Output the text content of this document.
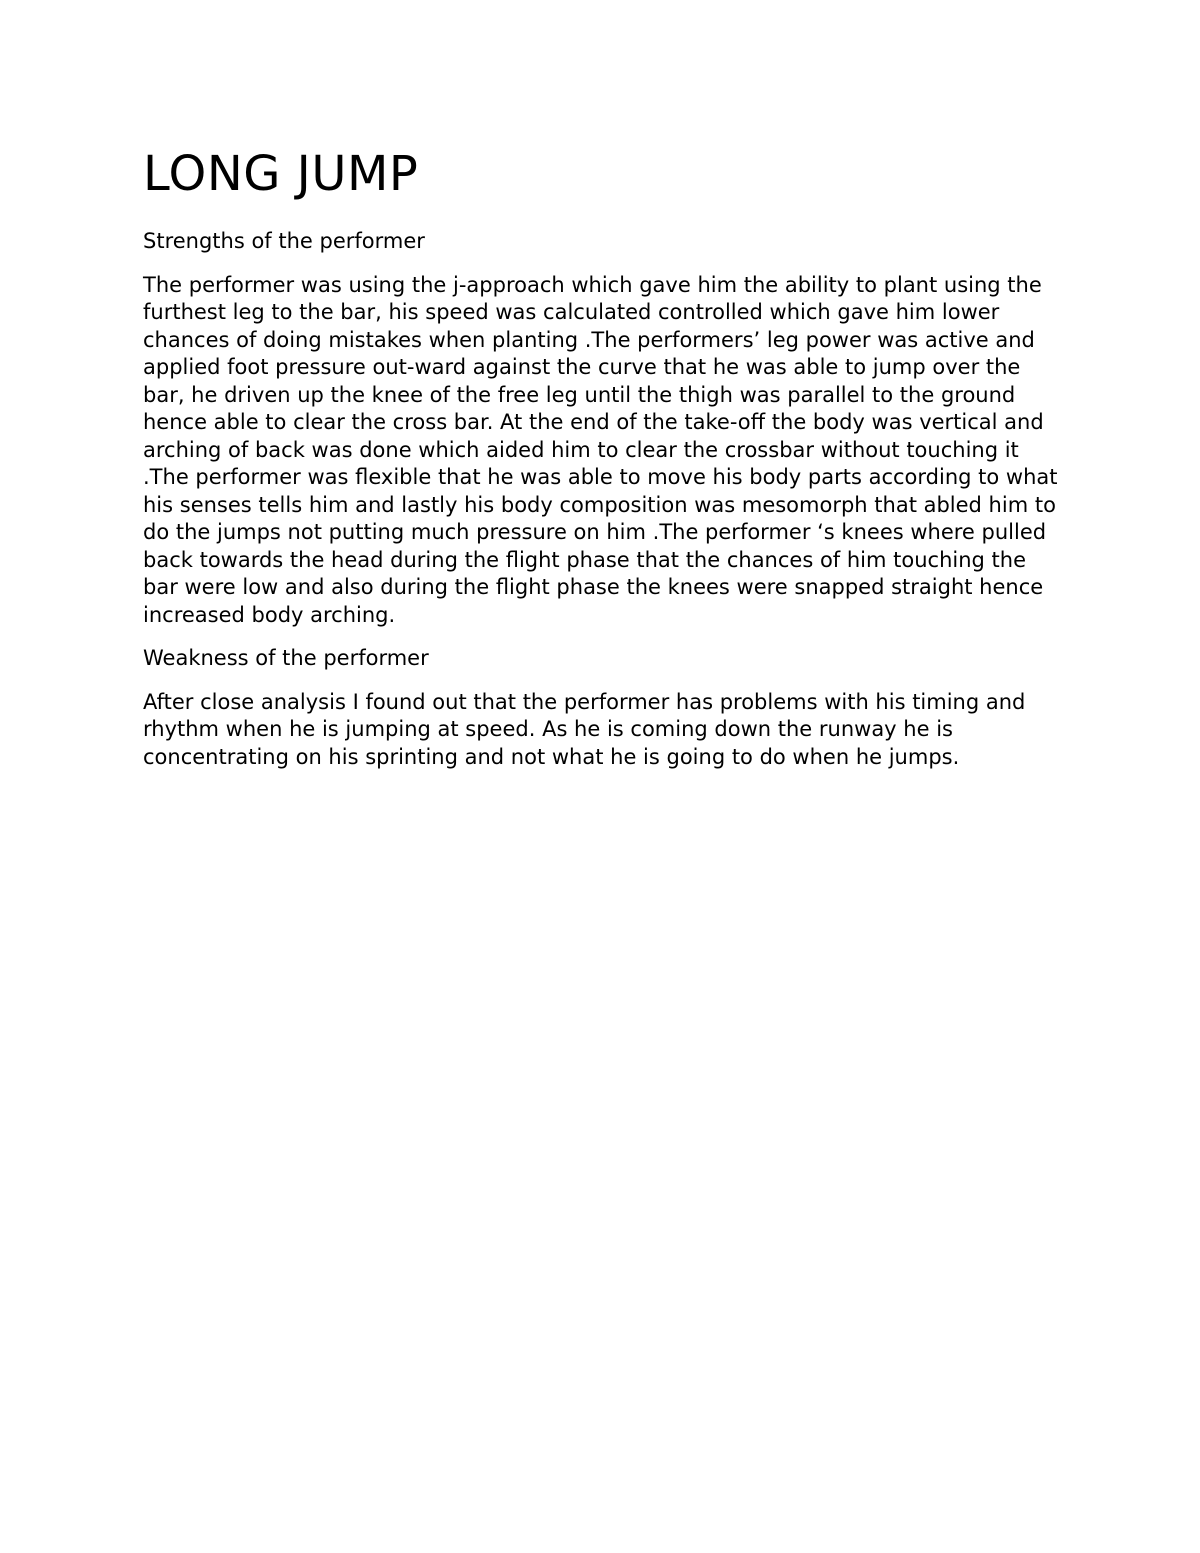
LONG JUMP
Strengths of the performer

The performer was using the j-approach which gave him the ability to plant using the furthest leg to the bar, his speed was calculated controlled which gave him lower chances of doing mistakes when planting .The performers’ leg power was active and applied foot pressure out-ward against the curve that he was able to jump over the bar, he driven up the knee of the free leg until the thigh was parallel to the ground hence able to clear the cross bar. At the end of the take-off the body was vertical and arching of back was done which aided him to clear the crossbar without touching it .The performer was flexible that he was able to move his body parts according to what his senses tells him and lastly his body composition was mesomorph that abled him to do the jumps not putting much pressure on him .The performer ‘s knees where pulled back towards the head during the flight phase that the chances of him touching the bar were low and also during the flight phase the knees were snapped straight hence increased body arching.

Weakness of the performer

After close analysis I found out that the performer has problems with his timing and rhythm when he is jumping at speed. As he is coming down the runway he is concentrating on his sprinting and not what he is going to do when he jumps.
